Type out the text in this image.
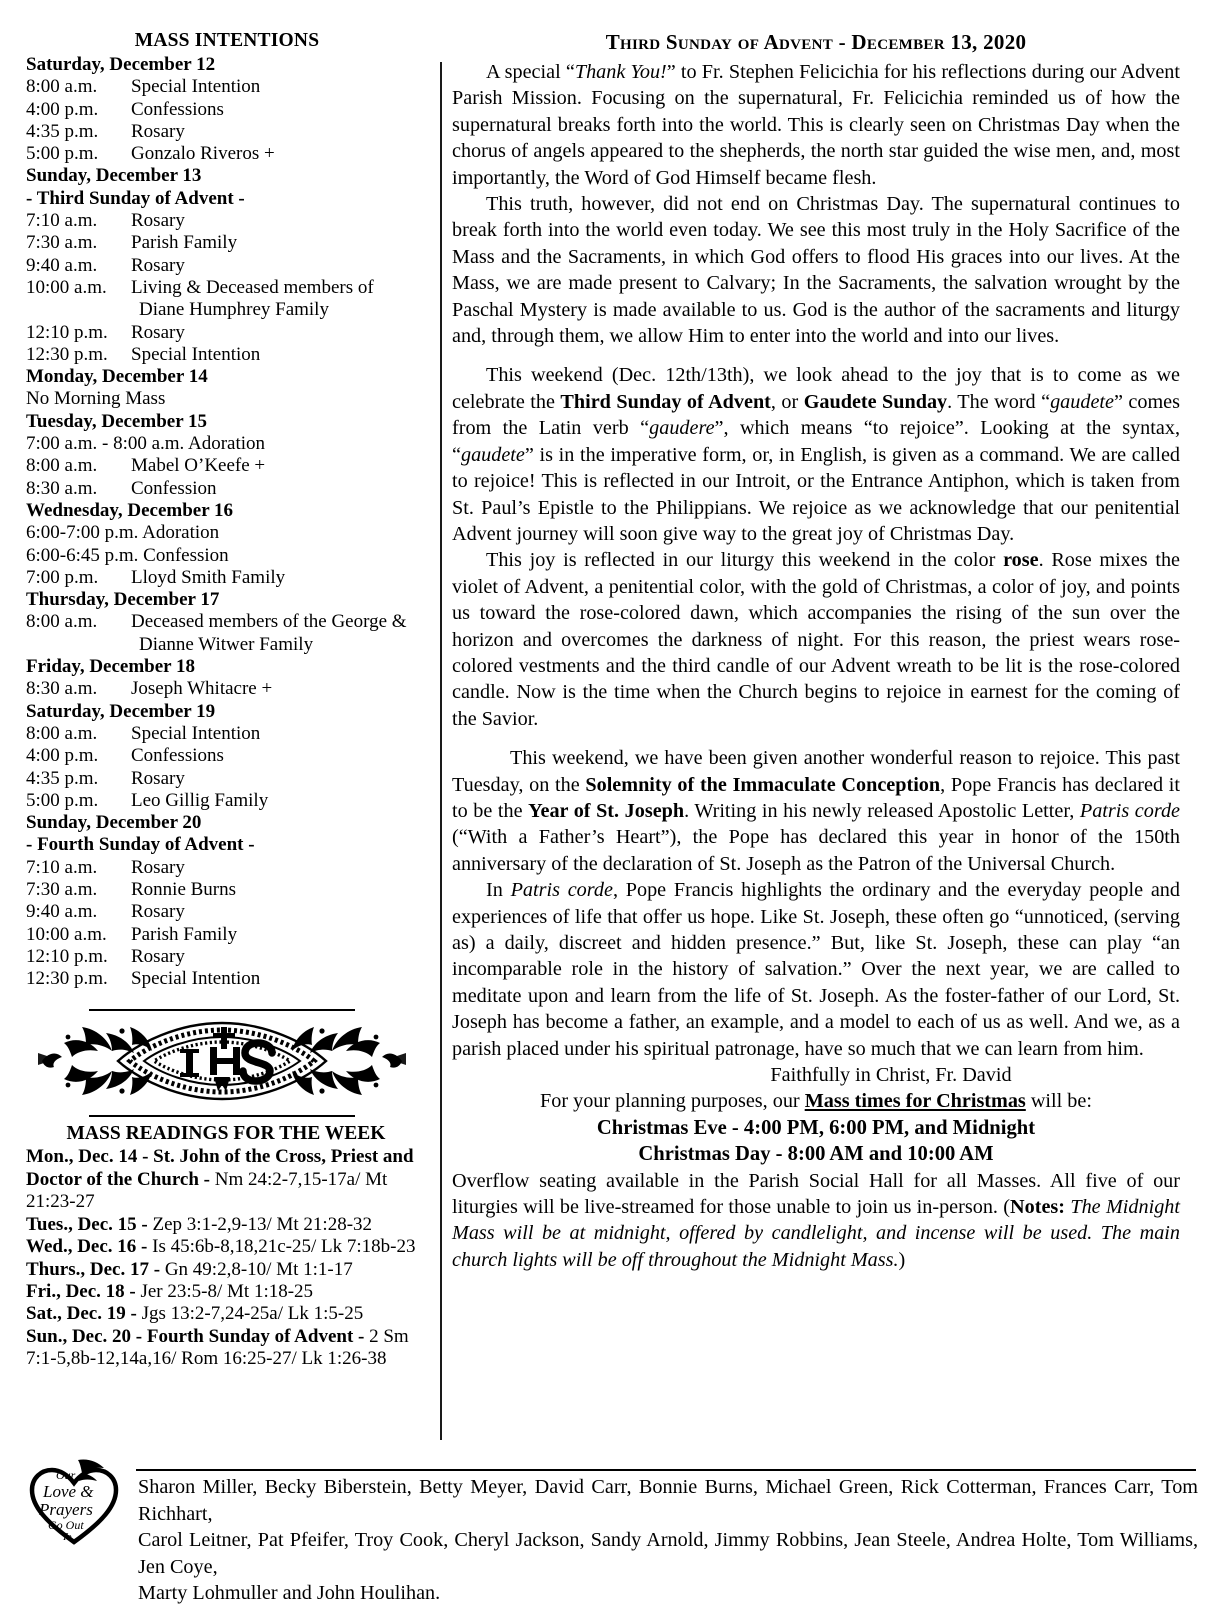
MASS INTENTIONS
Saturday, December 12
8:00 a.m. Special Intention
4:00 p.m. Confessions
4:35 p.m. Rosary
5:00 p.m. Gonzalo Riveros +
Sunday, December 13
- Third Sunday of Advent -
7:10 a.m. Rosary
7:30 a.m. Parish Family
9:40 a.m. Rosary
10:00 a.m. Living & Deceased members of
Diane Humphrey Family
12:10 p.m. Rosary
12:30 p.m. Special Intention
Monday, December 14
No Morning Mass
Tuesday, December 15
7:00 a.m. - 8:00 a.m. Adoration
8:00 a.m. Mabel O’Keefe +
8:30 a.m. Confession
Wednesday, December 16
6:00-7:00 p.m. Adoration
6:00-6:45 p.m. Confession
7:00 p.m. Lloyd Smith Family
Thursday, December 17
8:00 a.m. Deceased members of the George &
Dianne Witwer Family
Friday, December 18
8:30 a.m. Joseph Whitacre +
Saturday, December 19
8:00 a.m. Special Intention
4:00 p.m. Confessions
4:35 p.m. Rosary
5:00 p.m. Leo Gillig Family
Sunday, December 20
- Fourth Sunday of Advent -
7:10 a.m. Rosary
7:30 a.m. Ronnie Burns
9:40 a.m. Rosary
10:00 a.m. Parish Family
12:10 p.m. Rosary
12:30 p.m. Special Intention
MASS READINGS FOR THE WEEK
Mon., Dec. 14 - St. John of the Cross, Priest and Doctor of the Church - Nm 24:2-7,15-17a/ Mt 21:23-27
Tues., Dec. 15 - Zep 3:1-2,9-13/ Mt 21:28-32
Wed., Dec. 16 - Is 45:6b-8,18,21c-25/ Lk 7:18b-23
Thurs., Dec. 17 - Gn 49:2,8-10/ Mt 1:1-17
Fri., Dec. 18 - Jer 23:5-8/ Mt 1:18-25
Sat., Dec. 19 - Jgs 13:2-7,24-25a/ Lk 1:5-25
Sun., Dec. 20 - Fourth Sunday of Advent - 2 Sm 7:1-5,8b-12,14a,16/ Rom 16:25-27/ Lk 1:26-38
Third Sunday of Advent - December 13, 2020

A special “Thank You!” to Fr. Stephen Felicichia for his reflections during our Advent Parish Mission. Focusing on the supernatural, Fr. Felicichia reminded us of how the supernatural breaks forth into the world. This is clearly seen on Christmas Day when the chorus of angels appeared to the shepherds, the north star guided the wise men, and, most importantly, the Word of God Himself became flesh.

This truth, however, did not end on Christmas Day. The supernatural continues to break forth into the world even today. We see this most truly in the Holy Sacrifice of the Mass and the Sacraments, in which God offers to flood His graces into our lives. At the Mass, we are made present to Calvary; In the Sacraments, the salvation wrought by the Paschal Mystery is made available to us. God is the author of the sacraments and liturgy and, through them, we allow Him to enter into the world and into our lives.

This weekend (Dec. 12th/13th), we look ahead to the joy that is to come as we celebrate the Third Sunday of Advent, or Gaudete Sunday. The word “gaudete” comes from the Latin verb “gaudere”, which means “to rejoice”. Looking at the syntax, “gaudete” is in the imperative form, or, in English, is given as a command. We are called to rejoice! This is reflected in our Introit, or the Entrance Antiphon, which is taken from St. Paul’s Epistle to the Philippians. We rejoice as we acknowledge that our penitential Advent journey will soon give way to the great joy of Christmas Day.

This joy is reflected in our liturgy this weekend in the color rose. Rose mixes the violet of Advent, a penitential color, with the gold of Christmas, a color of joy, and points us toward the rose-colored dawn, which accompanies the rising of the sun over the horizon and overcomes the darkness of night. For this reason, the priest wears rose-colored vestments and the third candle of our Advent wreath to be lit is the rose-colored candle. Now is the time when the Church begins to rejoice in earnest for the coming of the Savior.

This weekend, we have been given another wonderful reason to rejoice. This past Tuesday, on the Solemnity of the Immaculate Conception, Pope Francis has declared it to be the Year of St. Joseph. Writing in his newly released Apostolic Letter, Patris corde (“With a Father’s Heart”), the Pope has declared this year in honor of the 150th anniversary of the declaration of St. Joseph as the Patron of the Universal Church.

In Patris corde, Pope Francis highlights the ordinary and the everyday people and experiences of life that offer us hope. Like St. Joseph, these often go “unnoticed, (serving as) a daily, discreet and hidden presence.” But, like St. Joseph, these can play “an incomparable role in the history of salvation.” Over the next year, we are called to meditate upon and learn from the life of St. Joseph. As the foster-father of our Lord, St. Joseph has become a father, an example, and a model to each of us as well. And we, as a parish placed under his spiritual patronage, have so much that we can learn from him.

Faithfully in Christ, Fr. David

For your planning purposes, our Mass times for Christmas will be:

Christmas Eve - 4:00 PM, 6:00 PM, and Midnight

Christmas Day - 8:00 AM and 10:00 AM

Overflow seating available in the Parish Social Hall for all Masses. All five of our liturgies will be live-streamed for those unable to join us in-person. (Notes: The Midnight Mass will be at midnight, offered by candlelight, and incense will be used. The main church lights will be off throughout the Midnight Mass.)

Our
Love &
Prayers
Go Out
To...
Sharon Miller, Becky Biberstein, Betty Meyer, David Carr, Bonnie Burns, Michael Green, Rick Cotterman, Frances Carr, Tom Richhart,
Carol Leitner, Pat Pfeifer, Troy Cook, Cheryl Jackson, Sandy Arnold, Jimmy Robbins, Jean Steele, Andrea Holte, Tom Williams, Jen Coye,
Marty Lohmuller and John Houlihan.
